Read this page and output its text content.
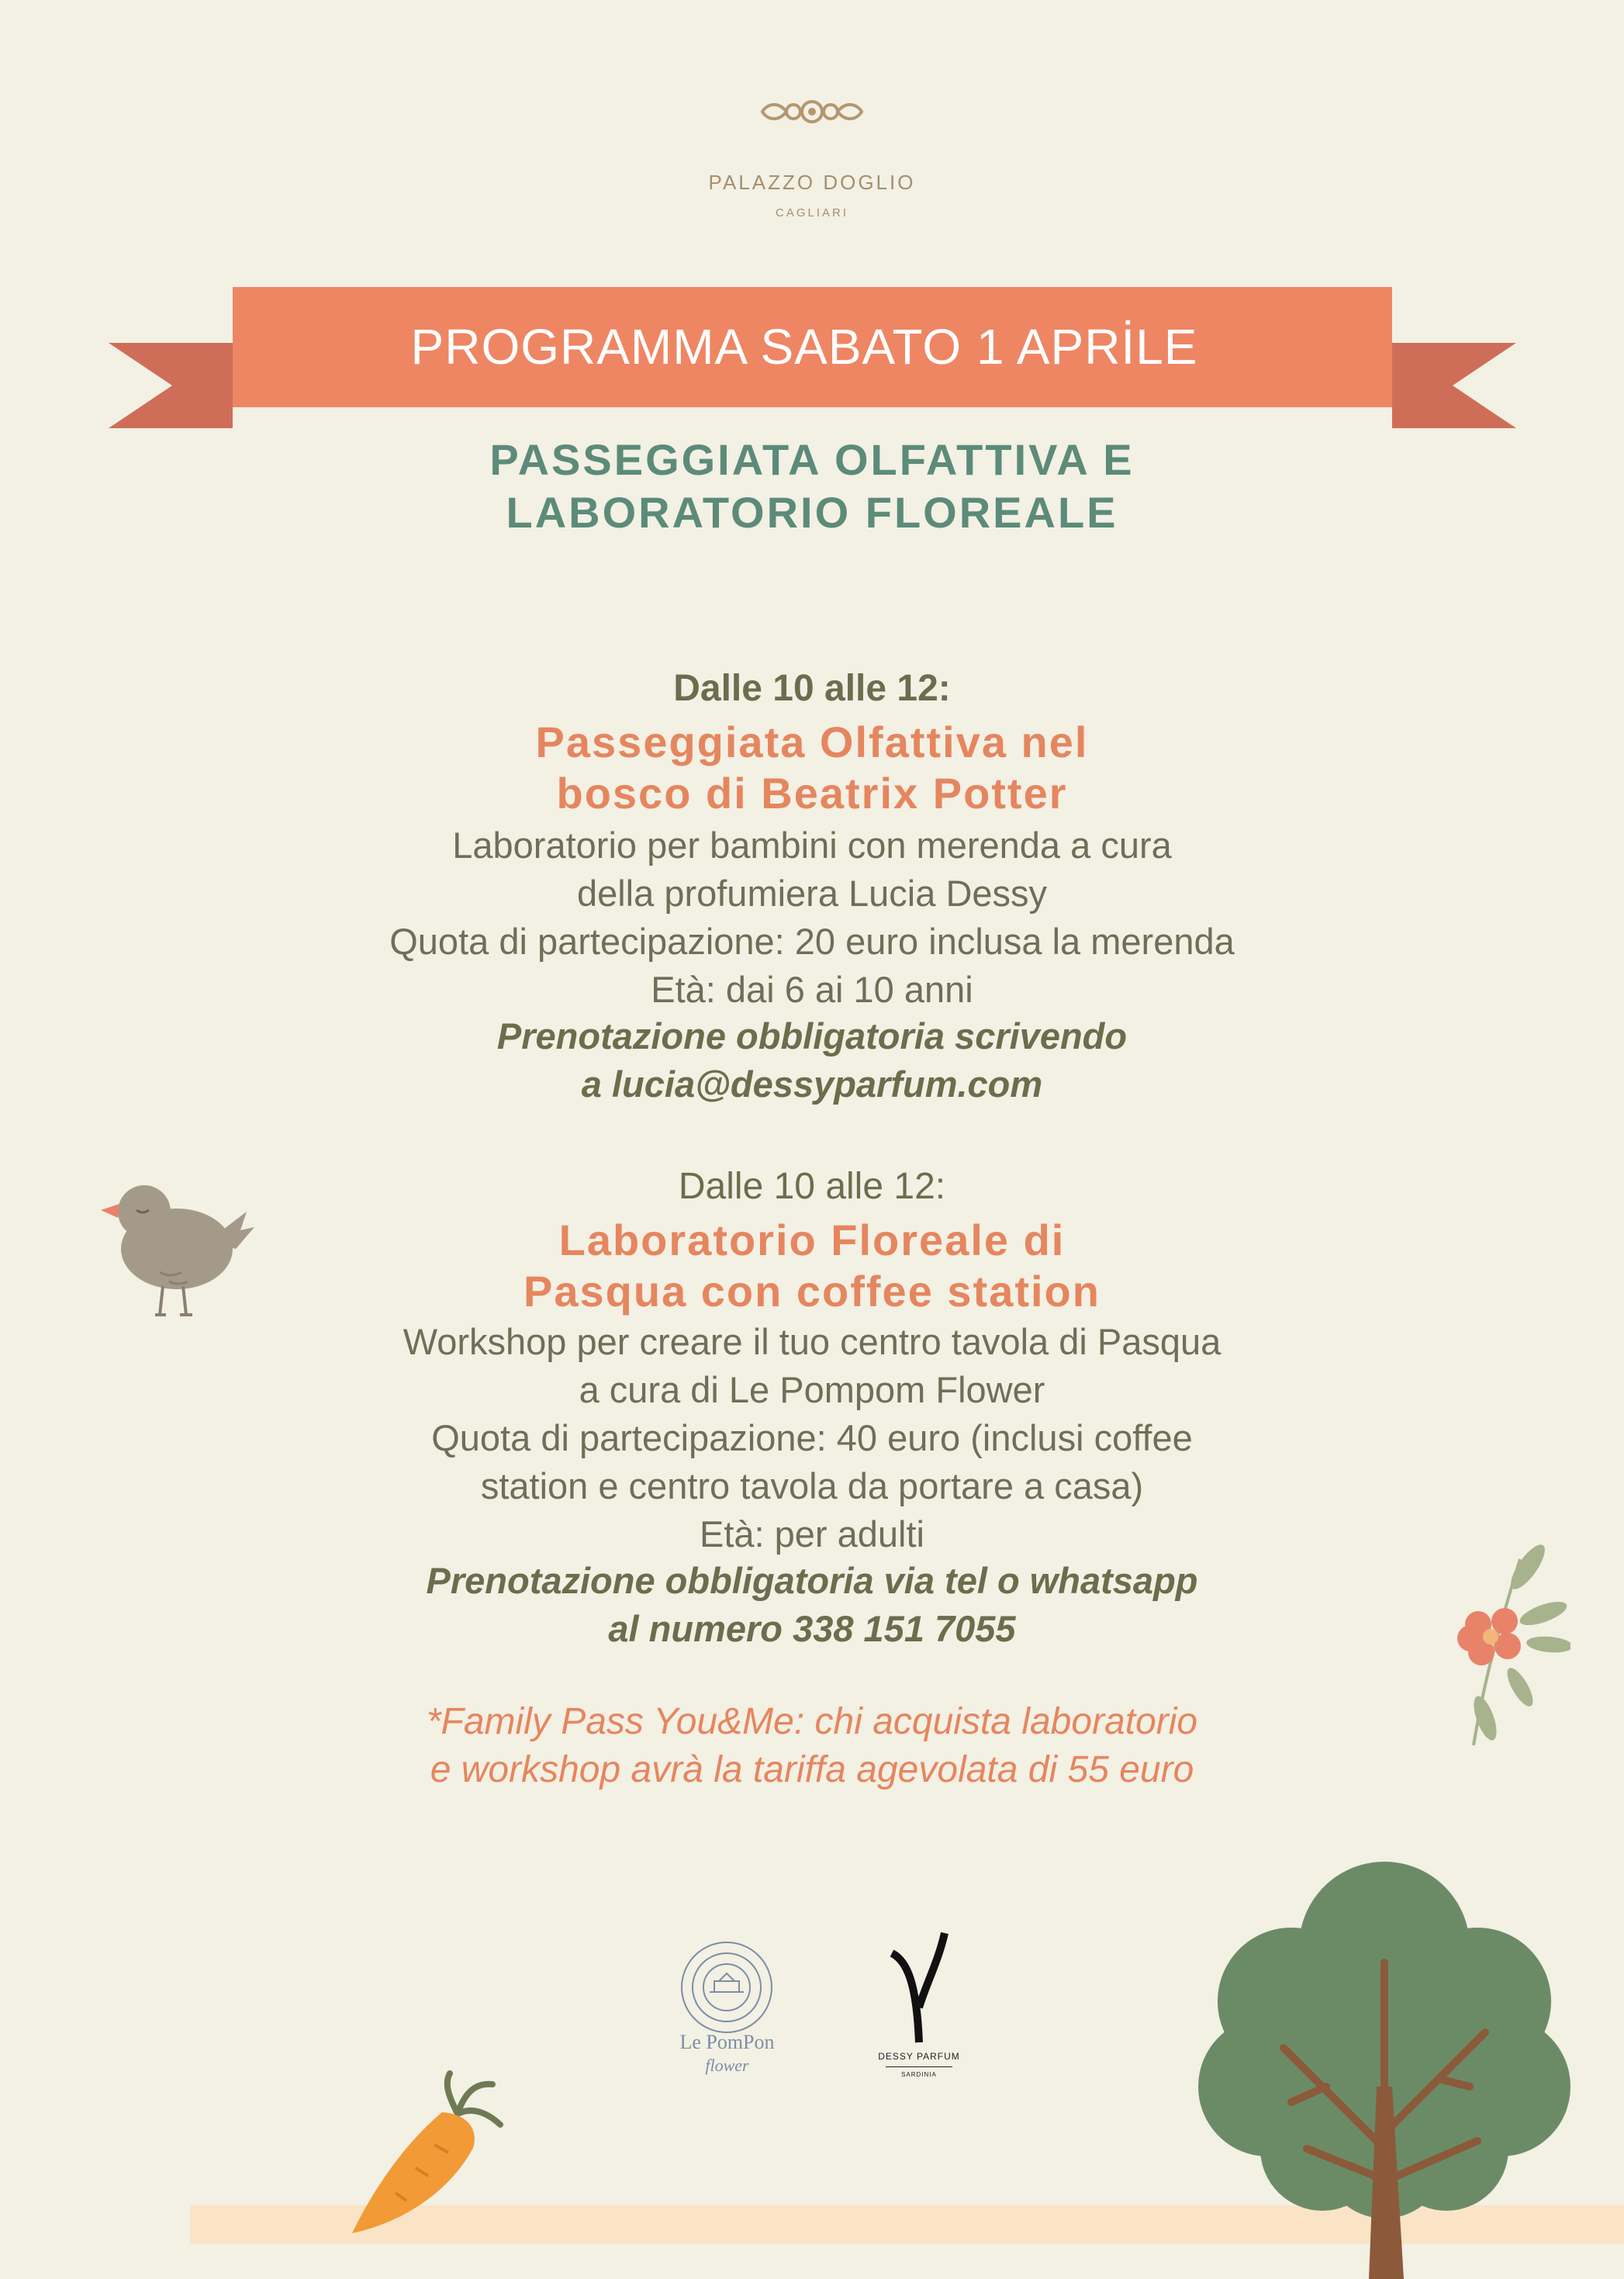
PALAZZO DOGLIO
CAGLIARI
PROGRAMMA SABATO 1 APRİLE
PASSEGGIATA OLFATTIVA E
LABORATORIO FLOREALE
Dalle 10 alle 12:
Passeggiata Olfattiva nel
bosco di Beatrix Potter
Laboratorio per bambini con merenda a cura
della profumiera Lucia Dessy
Quota di partecipazione: 20 euro inclusa la merenda
Età: dai 6 ai 10 anni
Prenotazione obbligatoria scrivendo
a lucia@dessyparfum.com
Dalle 10 alle 12:
Laboratorio Floreale di
Pasqua con coffee station
Workshop per creare il tuo centro tavola di Pasqua
a cura di Le Pompom Flower
Quota di partecipazione: 40 euro (inclusi coffee
station e centro tavola da portare a casa)
Età: per adulti
Prenotazione obbligatoria via tel o whatsapp
al numero 338 151 7055
*Family Pass You&Me: chi acquista laboratorio
e workshop avrà la tariffa agevolata di 55 euro
Le PomPon
flower	DESSY PARFUM
SARDINIA
